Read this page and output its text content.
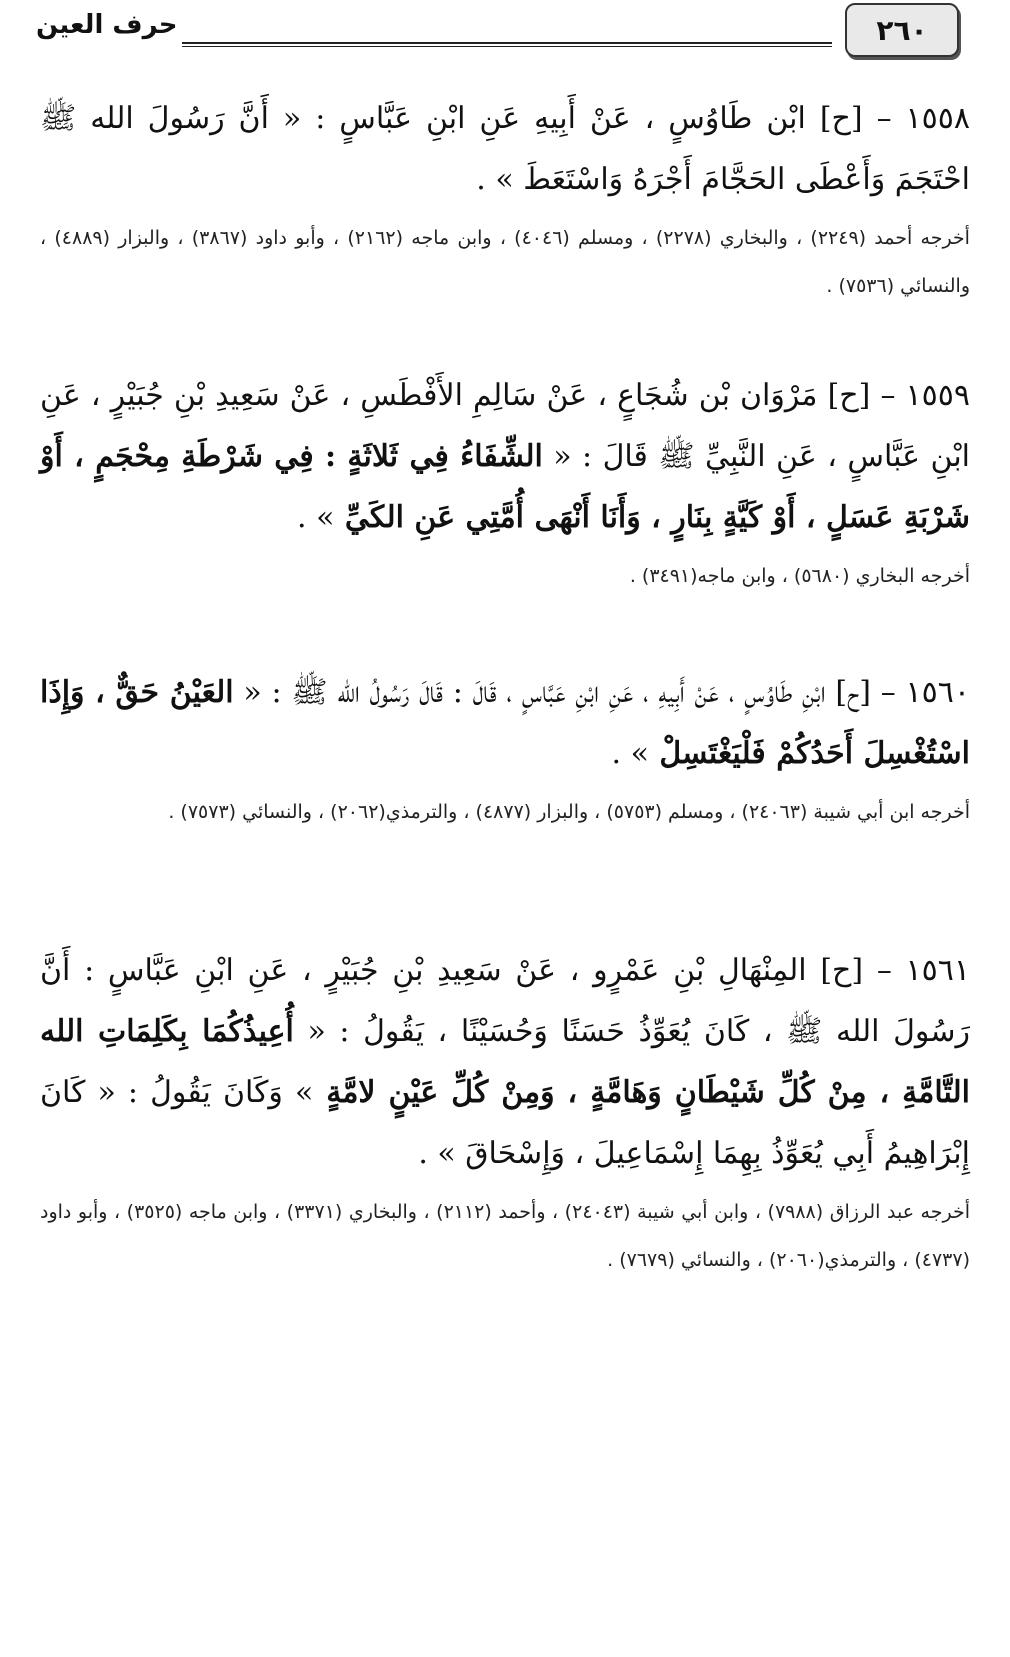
٢٦٠
حرف العين
١٥٥٨ – [ح] ابْن طَاوُسٍ ، عَنْ أَبِيهِ عَنِ ابْنِ عَبَّاسٍ : « أَنَّ رَسُولَ الله ﷺ احْتَجَمَ وَأَعْطَى الحَجَّامَ أَجْرَهُ وَاسْتَعَطَ » .
أخرجه أحمد (٢٢٤٩) ، والبخاري (٢٢٧٨) ، ومسلم (٤٠٤٦) ، وابن ماجه (٢١٦٢) ، وأبو داود (٣٨٦٧) ، والبزار (٤٨٨٩) ، والنسائي (٧٥٣٦) .
١٥٥٩ – [ح] مَرْوَان بْن شُجَاعٍ ، عَنْ سَالِمِ الأَفْطَسِ ، عَنْ سَعِيدِ بْنِ جُبَيْرٍ ، عَنِ ابْنِ عَبَّاسٍ ، عَنِ النَّبِيِّ ﷺ قَالَ : « الشِّفَاءُ فِي ثَلاثَةٍ : فِي شَرْطَةِ مِحْجَمٍ ، أَوْ شَرْبَةِ عَسَلٍ ، أَوْ كَيَّةٍ بِنَارٍ ، وَأَنَا أَنْهَى أُمَّتِي عَنِ الكَيِّ » .
أخرجه البخاري (٥٦٨٠) ، وابن ماجه(٣٤٩١) .
١٥٦٠ – [ح] ابْنِ طَاوُسٍ ، عَنْ أَبِيهِ ، عَنِ ابْنِ عَبَّاسٍ ، قَالَ : قَالَ رَسُولُ الله ﷺ : « العَيْنُ حَقٌّ ، وَإِذَا اسْتُغْسِلَ أَحَدُكُمْ فَلْيَغْتَسِلْ » .
أخرجه ابن أبي شيبة (٢٤٠٦٣) ، ومسلم (٥٧٥٣) ، والبزار (٤٨٧٧) ، والترمذي(٢٠٦٢) ، والنسائي (٧٥٧٣) .
١٥٦١ – [ح] المِنْهَالِ بْنِ عَمْرٍو ، عَنْ سَعِيدِ بْنِ جُبَيْرٍ ، عَنِ ابْنِ عَبَّاسٍ : أَنَّ رَسُولَ الله ﷺ ، كَانَ يُعَوِّذُ حَسَنًا وَحُسَيْنًا ، يَقُولُ : « أُعِيذُكُمَا بِكَلِمَاتِ الله التَّامَّةِ ، مِنْ كُلِّ شَيْطَانٍ وَهَامَّةٍ ، وَمِنْ كُلِّ عَيْنٍ لامَّةٍ » وَكَانَ يَقُولُ : « كَانَ إِبْرَاهِيمُ أَبِي يُعَوِّذُ بِهِمَا إِسْمَاعِيلَ ، وَإِسْحَاقَ » .
أخرجه عبد الرزاق (٧٩٨٨) ، وابن أبي شيبة (٢٤٠٤٣) ، وأحمد (٢١١٢) ، والبخاري (٣٣٧١) ، وابن ماجه (٣٥٢٥) ، وأبو داود (٤٧٣٧) ، والترمذي(٢٠٦٠) ، والنسائي (٧٦٧٩) .
